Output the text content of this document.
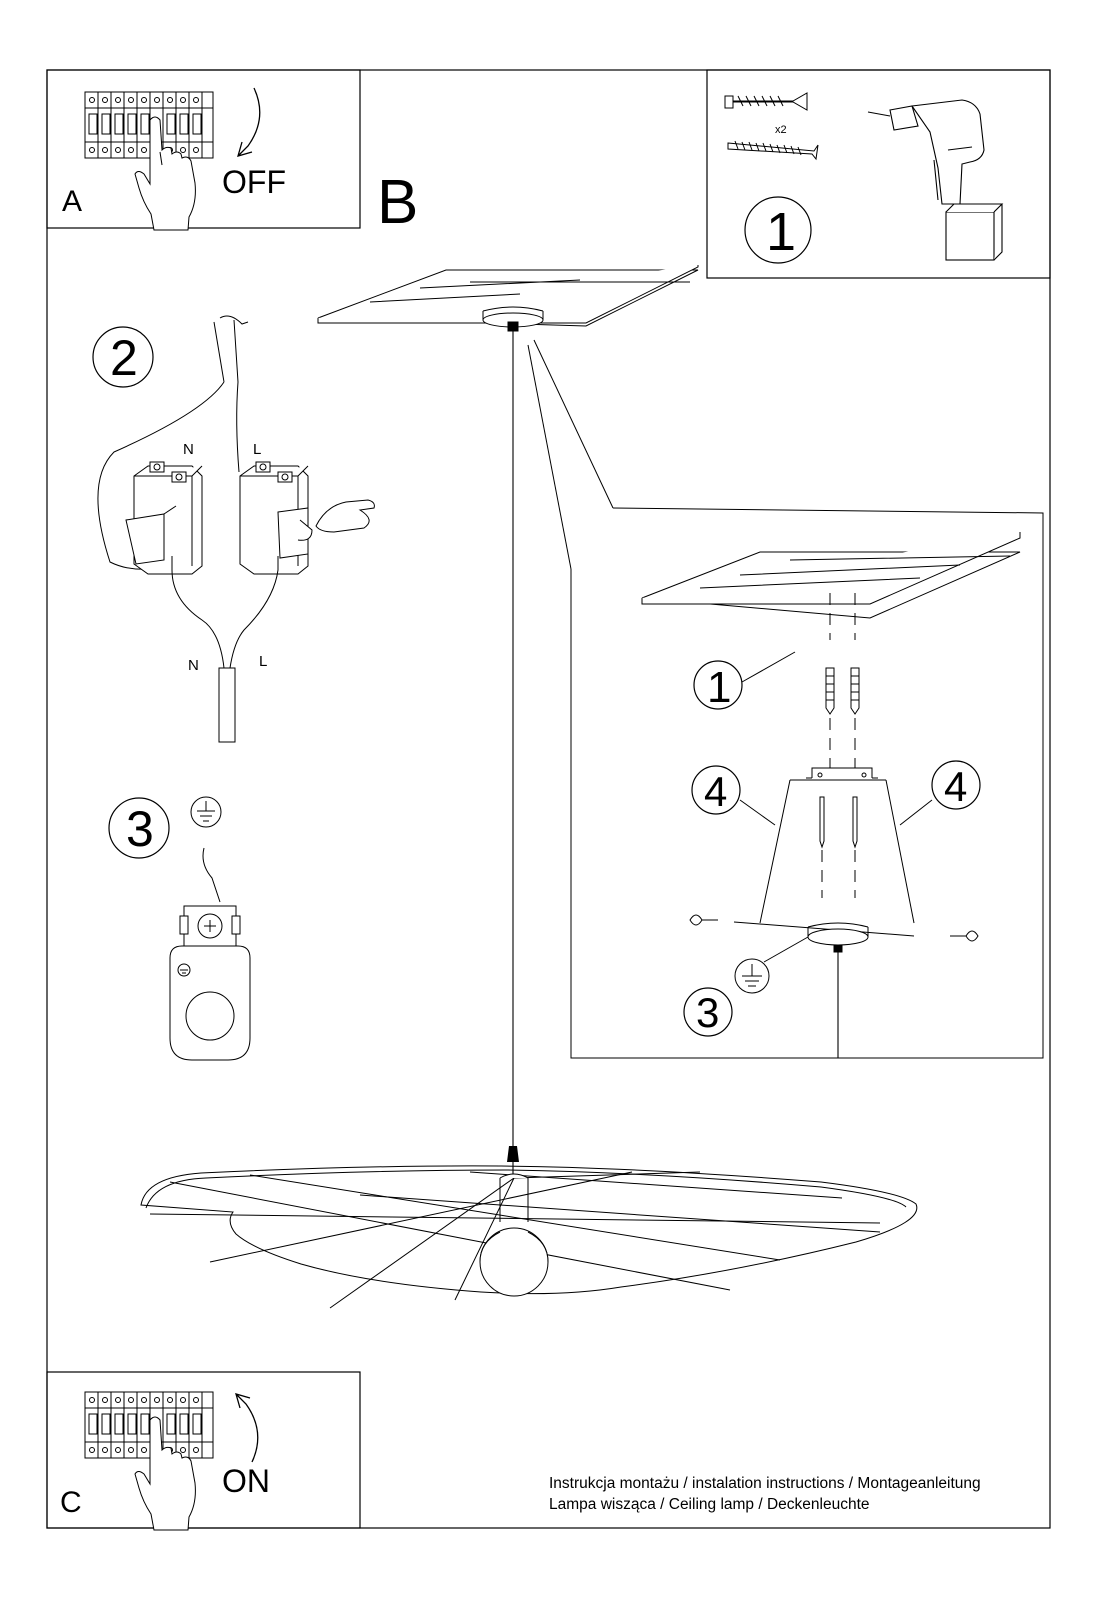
A
OFF B
x2
1
1
4	4
3
2
N	L
N	L
3
C
ON	Instrukcja montażu / instalation instructions / Montageanleitung
Lampa wisząca / Ceiling lamp / Deckenleuchte
